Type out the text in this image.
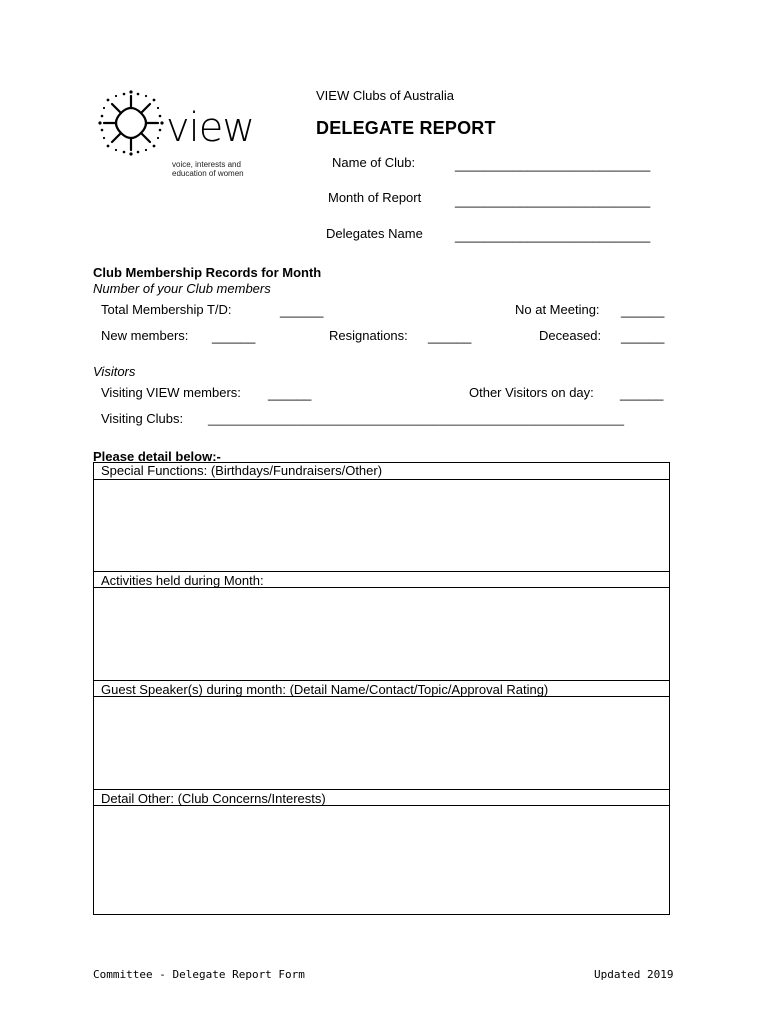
view
voice, interests and
education of women
VIEW Clubs of Australia
DELEGATE REPORT
Name of Club:	___________________________
Month of Report	___________________________
Delegates Name ___________________________
Club Membership Records for Month
Number of your Club members
Total Membership T/D:	______	No at Meeting: ______
New members: ______	Resignations: ______	Deceased: ______
Visitors
Visiting VIEW members: ______	Other Visitors on day: ______
Visiting Clubs: _____________________________________________________________
Please detail below:-
Special Functions: (Birthdays/Fundraisers/Other)
Activities held during Month:
Guest Speaker(s) during month: (Detail Name/Contact/Topic/Approval Rating)
Detail Other: (Club Concerns/Interests)
Committee - Delegate Report Form	Updated 2019
